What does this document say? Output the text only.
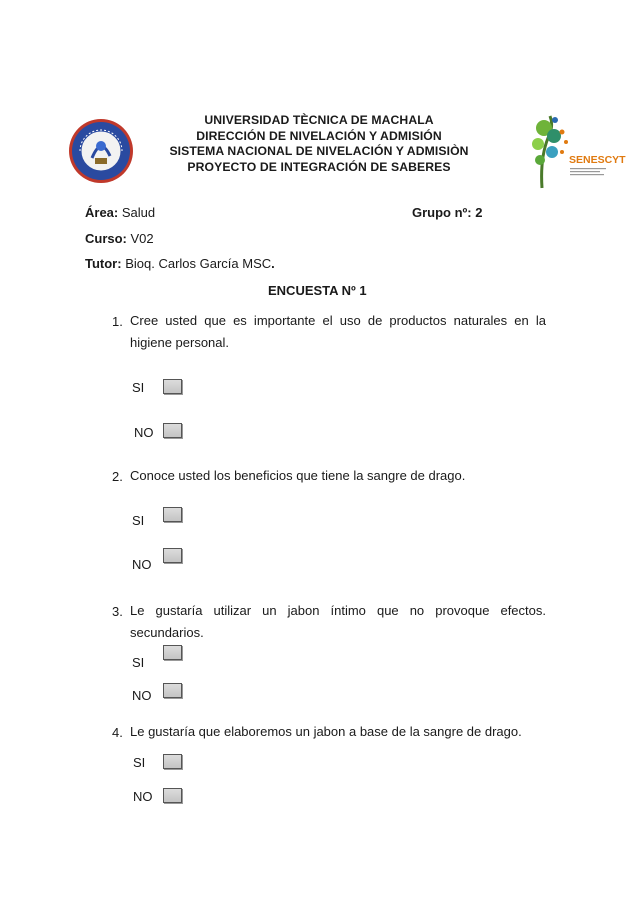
UNIVERSIDAD TÈCNICA DE MACHALA
DIRECCIÓN DE NIVELACIÓN Y ADMISIÓN
SISTEMA NACIONAL DE NIVELACIÓN Y ADMISIÒN
PROYECTO DE INTEGRACIÓN DE SABERES	SENESCYT
Área: Salud	Grupo nº: 2
Curso: V02
Tutor: Bioq. Carlos García MSC.
ENCUESTA Nº 1
1. Cree usted que es importante el uso de productos naturales en la
higiene personal.
SI
NO
2. Conoce usted los beneficios que tiene la sangre de drago.
SI
NO
3. Le gustaría utilizar un jabon íntimo que no provoque efectos.
secundarios.
SI
NO
4. Le gustaría que elaboremos un jabon a base de la sangre de drago.
SI
NO
